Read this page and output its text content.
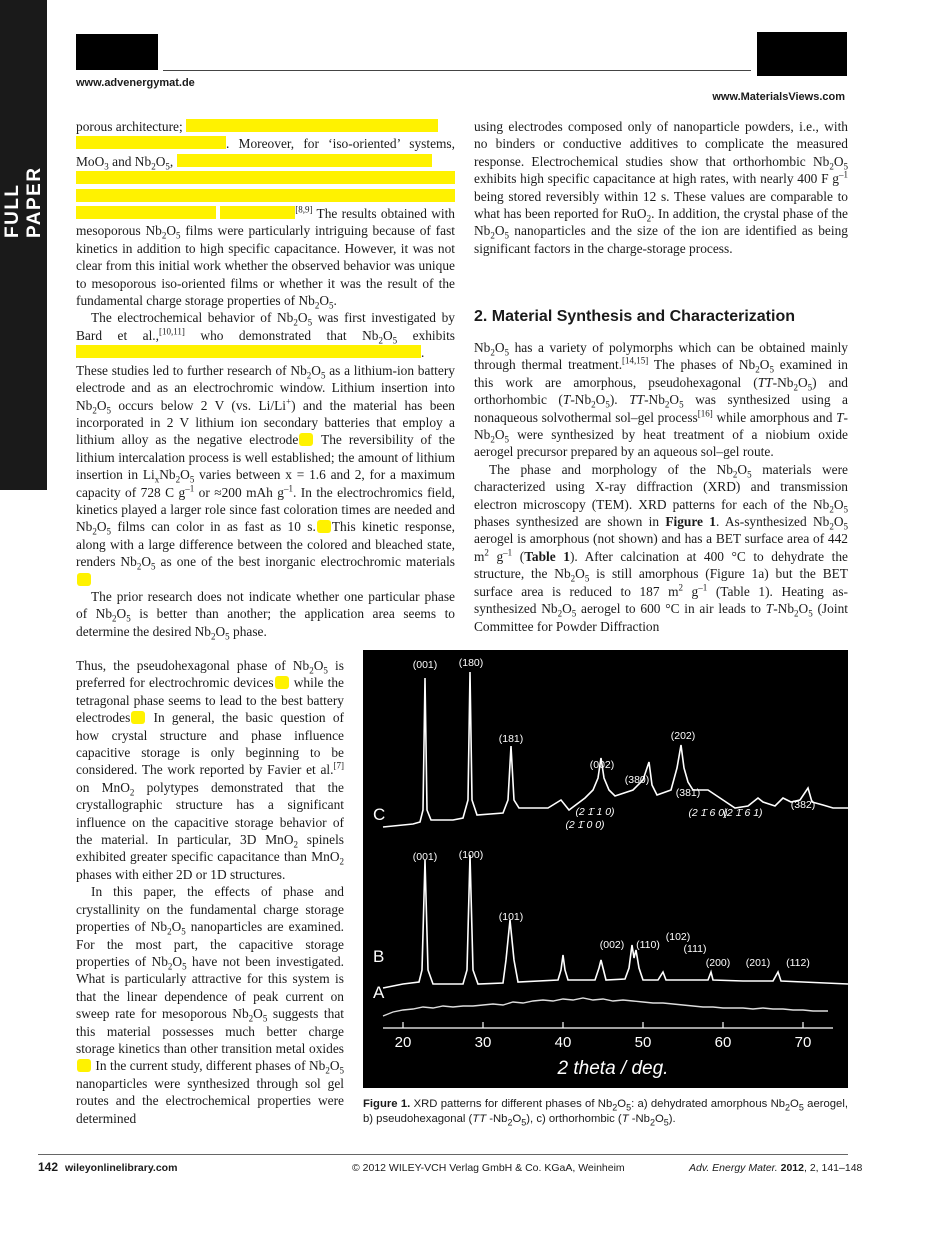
FULL PAPER
www.advenergymat.de
www.MaterialsViews.com

porous architecture;
. Moreover, for ‘iso-oriented’ systems, MoO$_3$ and $Nb_2O_5$,

[8,9] The results obtained with mesoporous $Nb_2O_5$ films were particularly intriguing because of fast kinetics in addition to high specific capacitance. However, it was not clear from this initial work whether the observed behavior was unique to mesoporous iso-oriented films or whether it was the result of the fundamental charge storage properties of $Nb_2O_5$.

The electrochemical behavior of $Nb_2O_5$ was first investigated by Bard et al.,[10,11] who demonstrated that $Nb_2O_5$ exhibits . These studies led to further research of $Nb_2O_5$ as a lithium-ion battery electrode and as an electrochromic window. Lithium insertion into $Nb_2O_5$ occurs below 2 V (vs. Li/Li+) and the material has been incorporated in 2 V lithium ion secondary batteries that employ a lithium alloy as the negative electrode The reversibility of the lithium intercalation process is well established; the amount of lithium insertion in $Li_xNb_2O_5$ varies between x = 1.6 and 2, for a maximum capacity of 728 C $g^{-1}$ or ≈200 mAh $g^{-1}$. In the electrochromics field, kinetics played a larger role since fast coloration times are needed and $Nb_2O_5$ films can color in as fast as 10 s. This kinetic response, along with a large difference between the colored and bleached state, renders $Nb_2O_5$ as one of the best inorganic electrochromic materials

The prior research does not indicate whether one particular phase of $Nb_2O_5$ is better than another; the application area seems to determine the desired $Nb_2O_5$ phase.

Thus, the pseudohexagonal phase of $Nb_2O_5$ is preferred for electrochromic devices while the tetragonal phase seems to lead to the best battery electrodes In general, the basic question of how crystal structure and phase influence capacitive storage is only beginning to be considered. The work reported by Favier et al.[7] on MnO$_2$ polytypes demonstrated that the crystallographic structure has a significant influence on the capacitive storage behavior of the material. In particular, 3D MnO$_2$ spinels exhibited greater specific capacitance than MnO$_2$ phases with either 2D or 1D structures.

In this paper, the effects of phase and crystallinity on the fundamental charge storage properties of $Nb_2O_5$ nanoparticles are examined. For the most part, the capacitive storage properties of $Nb_2O_5$ have not been investigated. What is particularly attractive for this system is that the linear dependence of peak current on sweep rate for mesoporous $Nb_2O_5$ suggests that this material possesses much better charge storage kinetics than other transition metal oxides In the current study, different phases of $Nb_2O_5$ nanoparticles were synthesized through sol gel routes and the electrochemical properties were determined

using electrodes composed only of nanoparticle powders, i.e., with no binders or conductive additives to complicate the measured response. Electrochemical studies show that orthorhombic $Nb_2O_5$ exhibits high specific capacitance at high rates, with nearly 400 F $g^{-1}$ being stored reversibly within 12 s. These values are comparable to what has been reported for RuO$_2$. In addition, the crystal phase of the $Nb_2O_5$ nanoparticles and the size of the ion are identified as being significant factors in the charge-storage process.

2. Material Synthesis and Characterization

$Nb_2O_5$ has a variety of polymorphs which can be obtained mainly through thermal treatment.[14,15] The phases of $Nb_2O_5$ examined in this work are amorphous, pseudohexagonal $(TT-Nb_2O_5)$ and orthorhombic $(T-Nb_2O_5)$. $TT-Nb_2O_5$ was synthesized using a nonaqueous solvothermal sol–gel process[16] while amorphous and $T-Nb_2O_5$ were synthesized by heat treatment of a niobium oxide aerogel precursor prepared by an aqueous sol–gel route.

The phase and morphology of the $Nb_2O_5$ materials were characterized using X-ray diffraction (XRD) and transmission electron microscopy (TEM). XRD patterns for each of the $Nb_2O_5$ phases synthesized are shown in Figure 1. As-synthesized $Nb_2O_5$ aerogel is amorphous (not shown) and has a BET surface area of 442 $m^2$ $g^{-1}$ (Table 1). After calcination at 400 °C to dehydrate the structure, the $Nb_2O_5$ is still amorphous (Figure 1a) but the BET surface area is reduced to 187 $m^2$ $g^{-1}$ (Table 1). Heating as-synthesized $Nb_2O_5$ aerogel to 600 °C in air leads to $T-Nb_2O_5$ (Joint Committee for Powder Diffraction

20	30	40	50	60	70
A
B
C
(001) (180)
(181)
(002)
(380)
(202)
(381)
(2 1̄ 1 0)
(2 1̄ 0 0)
(2 1̄ 6 0)
(2 1̄ 6 1)
(382)
(001) (100)
(101)
(002) (110)
(102)
(111)
(200) (201) (112)
2 theta / deg.
Figure 1. XRD patterns for different phases of $Nb_2O_5$: a) dehydrated amorphous $Nb_2O_5$ aerogel, b) pseudohexagonal (TT $-Nb_2O_5$), c) orthorhombic (T $-Nb_2O_5$).
142 wileyonlinelibrary.com	© 2012 WILEY-VCH Verlag GmbH & Co. KGaA, Weinheim	Adv. Energy Mater. 2012, 2, 141–148
